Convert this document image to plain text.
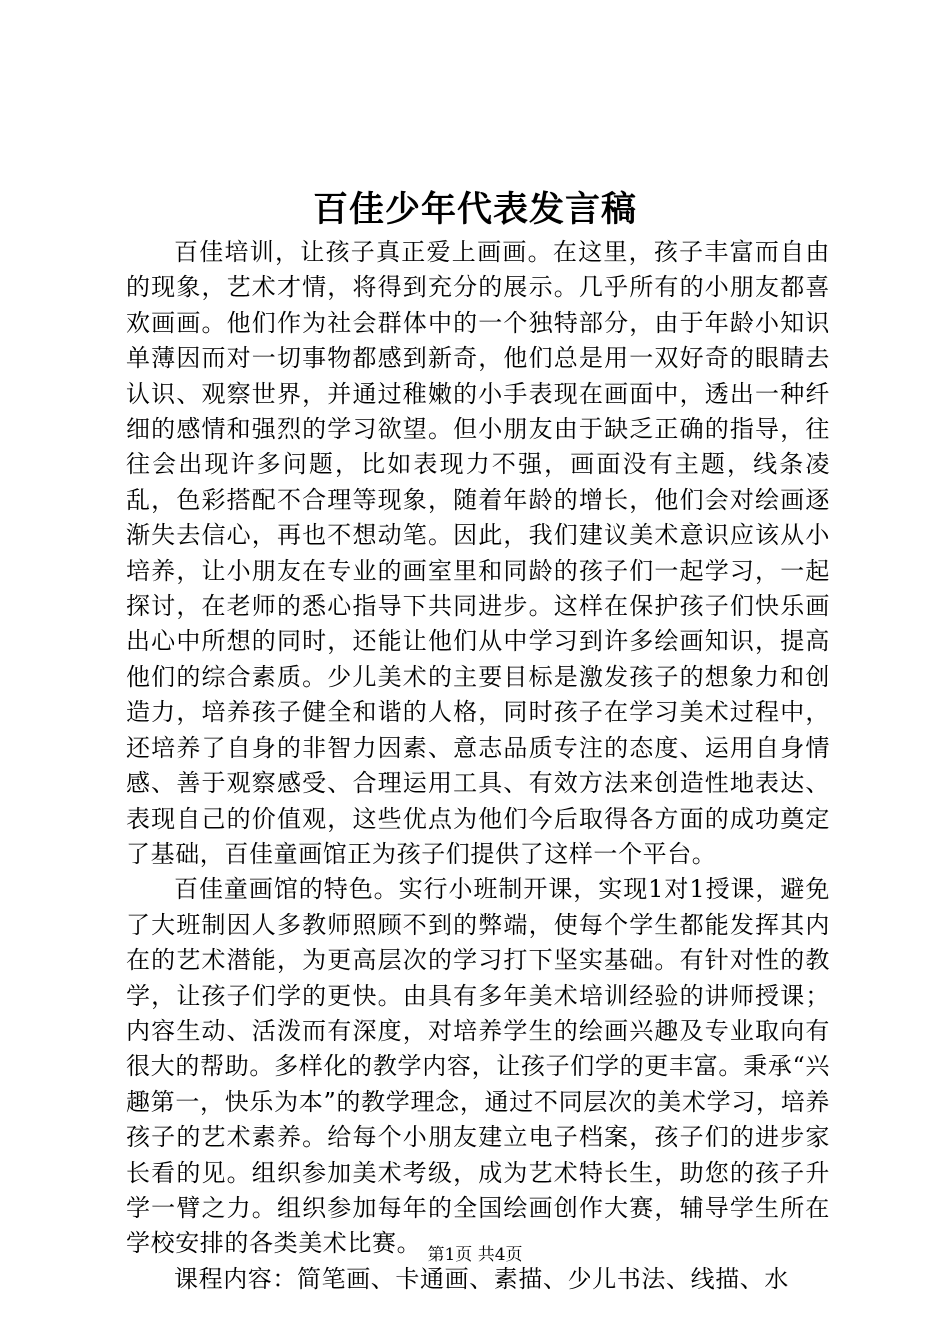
百佳少年代表发言稿

百佳培训，让孩子真正爱上画画。在这里，孩子丰富而自由的现象，艺术才情，将得到充分的展示。几乎所有的小朋友都喜欢画画。他们作为社会群体中的一个独特部分，由于年龄小知识单薄因而对一切事物都感到新奇，他们总是用一双好奇的眼睛去认识、观察世界，并通过稚嫩的小手表现在画面中，透出一种纤细的感情和强烈的学习欲望。但小朋友由于缺乏正确的指导，往往会出现许多问题，比如表现力不强，画面没有主题，线条凌乱，色彩搭配不合理等现象，随着年龄的增长，他们会对绘画逐渐失去信心，再也不想动笔。因此，我们建议美术意识应该从小培养，让小朋友在专业的画室里和同龄的孩子们一起学习，一起探讨，在老师的悉心指导下共同进步。这样在保护孩子们快乐画出心中所想的同时，还能让他们从中学习到许多绘画知识，提高他们的综合素质。少儿美术的主要目标是激发孩子的想象力和创造力，培养孩子健全和谐的人格，同时孩子在学习美术过程中，还培养了自身的非智力因素、意志品质专注的态度、运用自身情感、善于观察感受、合理运用工具、有效方法来创造性地表达、表现自己的价值观，这些优点为他们今后取得各方面的成功奠定了基础，百佳童画馆正为孩子们提供了这样一个平台。

百佳童画馆的特色。实行小班制开课，实现1对1授课，避免了大班制因人多教师照顾不到的弊端，使每个学生都能发挥其内在的艺术潜能，为更高层次的学习打下坚实基础。有针对性的教学，让孩子们学的更快。由具有多年美术培训经验的讲师授课；内容生动、活泼而有深度，对培养学生的绘画兴趣及专业取向有很大的帮助。多样化的教学内容，让孩子们学的更丰富。秉承“兴趣第一，快乐为本”的教学理念，通过不同层次的美术学习，培养孩子的艺术素养。给每个小朋友建立电子档案，孩子们的进步家长看的见。组织参加美术考级，成为艺术特长生，助您的孩子升学一臂之力。组织参加每年的全国绘画创作大赛，辅导学生所在学校安排的各类美术比赛。

课程内容：简笔画、卡通画、素描、少儿书法、线描、水

第1页 共4页
